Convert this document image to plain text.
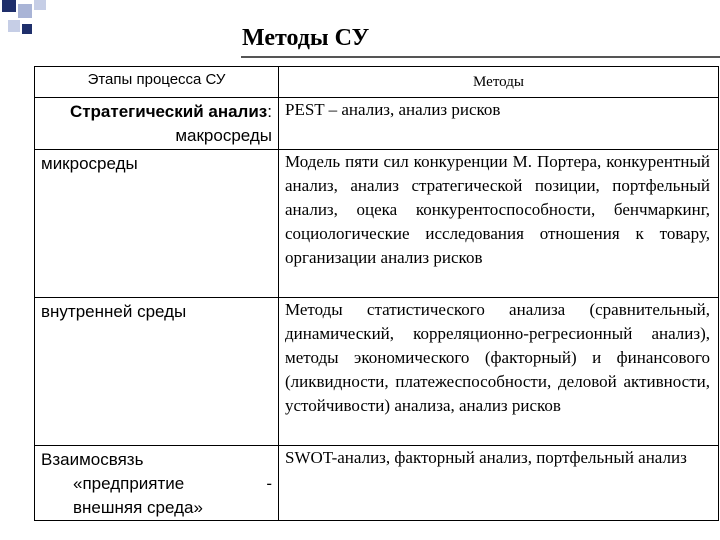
Методы СУ
Этапы процесса СУ	Методы
Стратегический анализ: макросреды	PEST – анализ, анализ рисков
микросреды	Модель пяти сил конкуренции М. Портера, конкурентный анализ, анализ стратегической позиции, портфельный анализ, оцека конкурентоспособности, бенчмаркинг, социологические исследования отношения к товару, организации анализ рисков
внутренней среды	Методы статистического анализа (сравнительный, динамический, корреляционно-регресионный анализ), методы экономического (факторный) и финансового (ликвидности, платежеспособности, деловой активности, устойчивости) анализа, анализ рисков

Взаимосвязь
«предприятие -
внешняя среда»	SWOT-анализ, факторный анализ, портфельный анализ
